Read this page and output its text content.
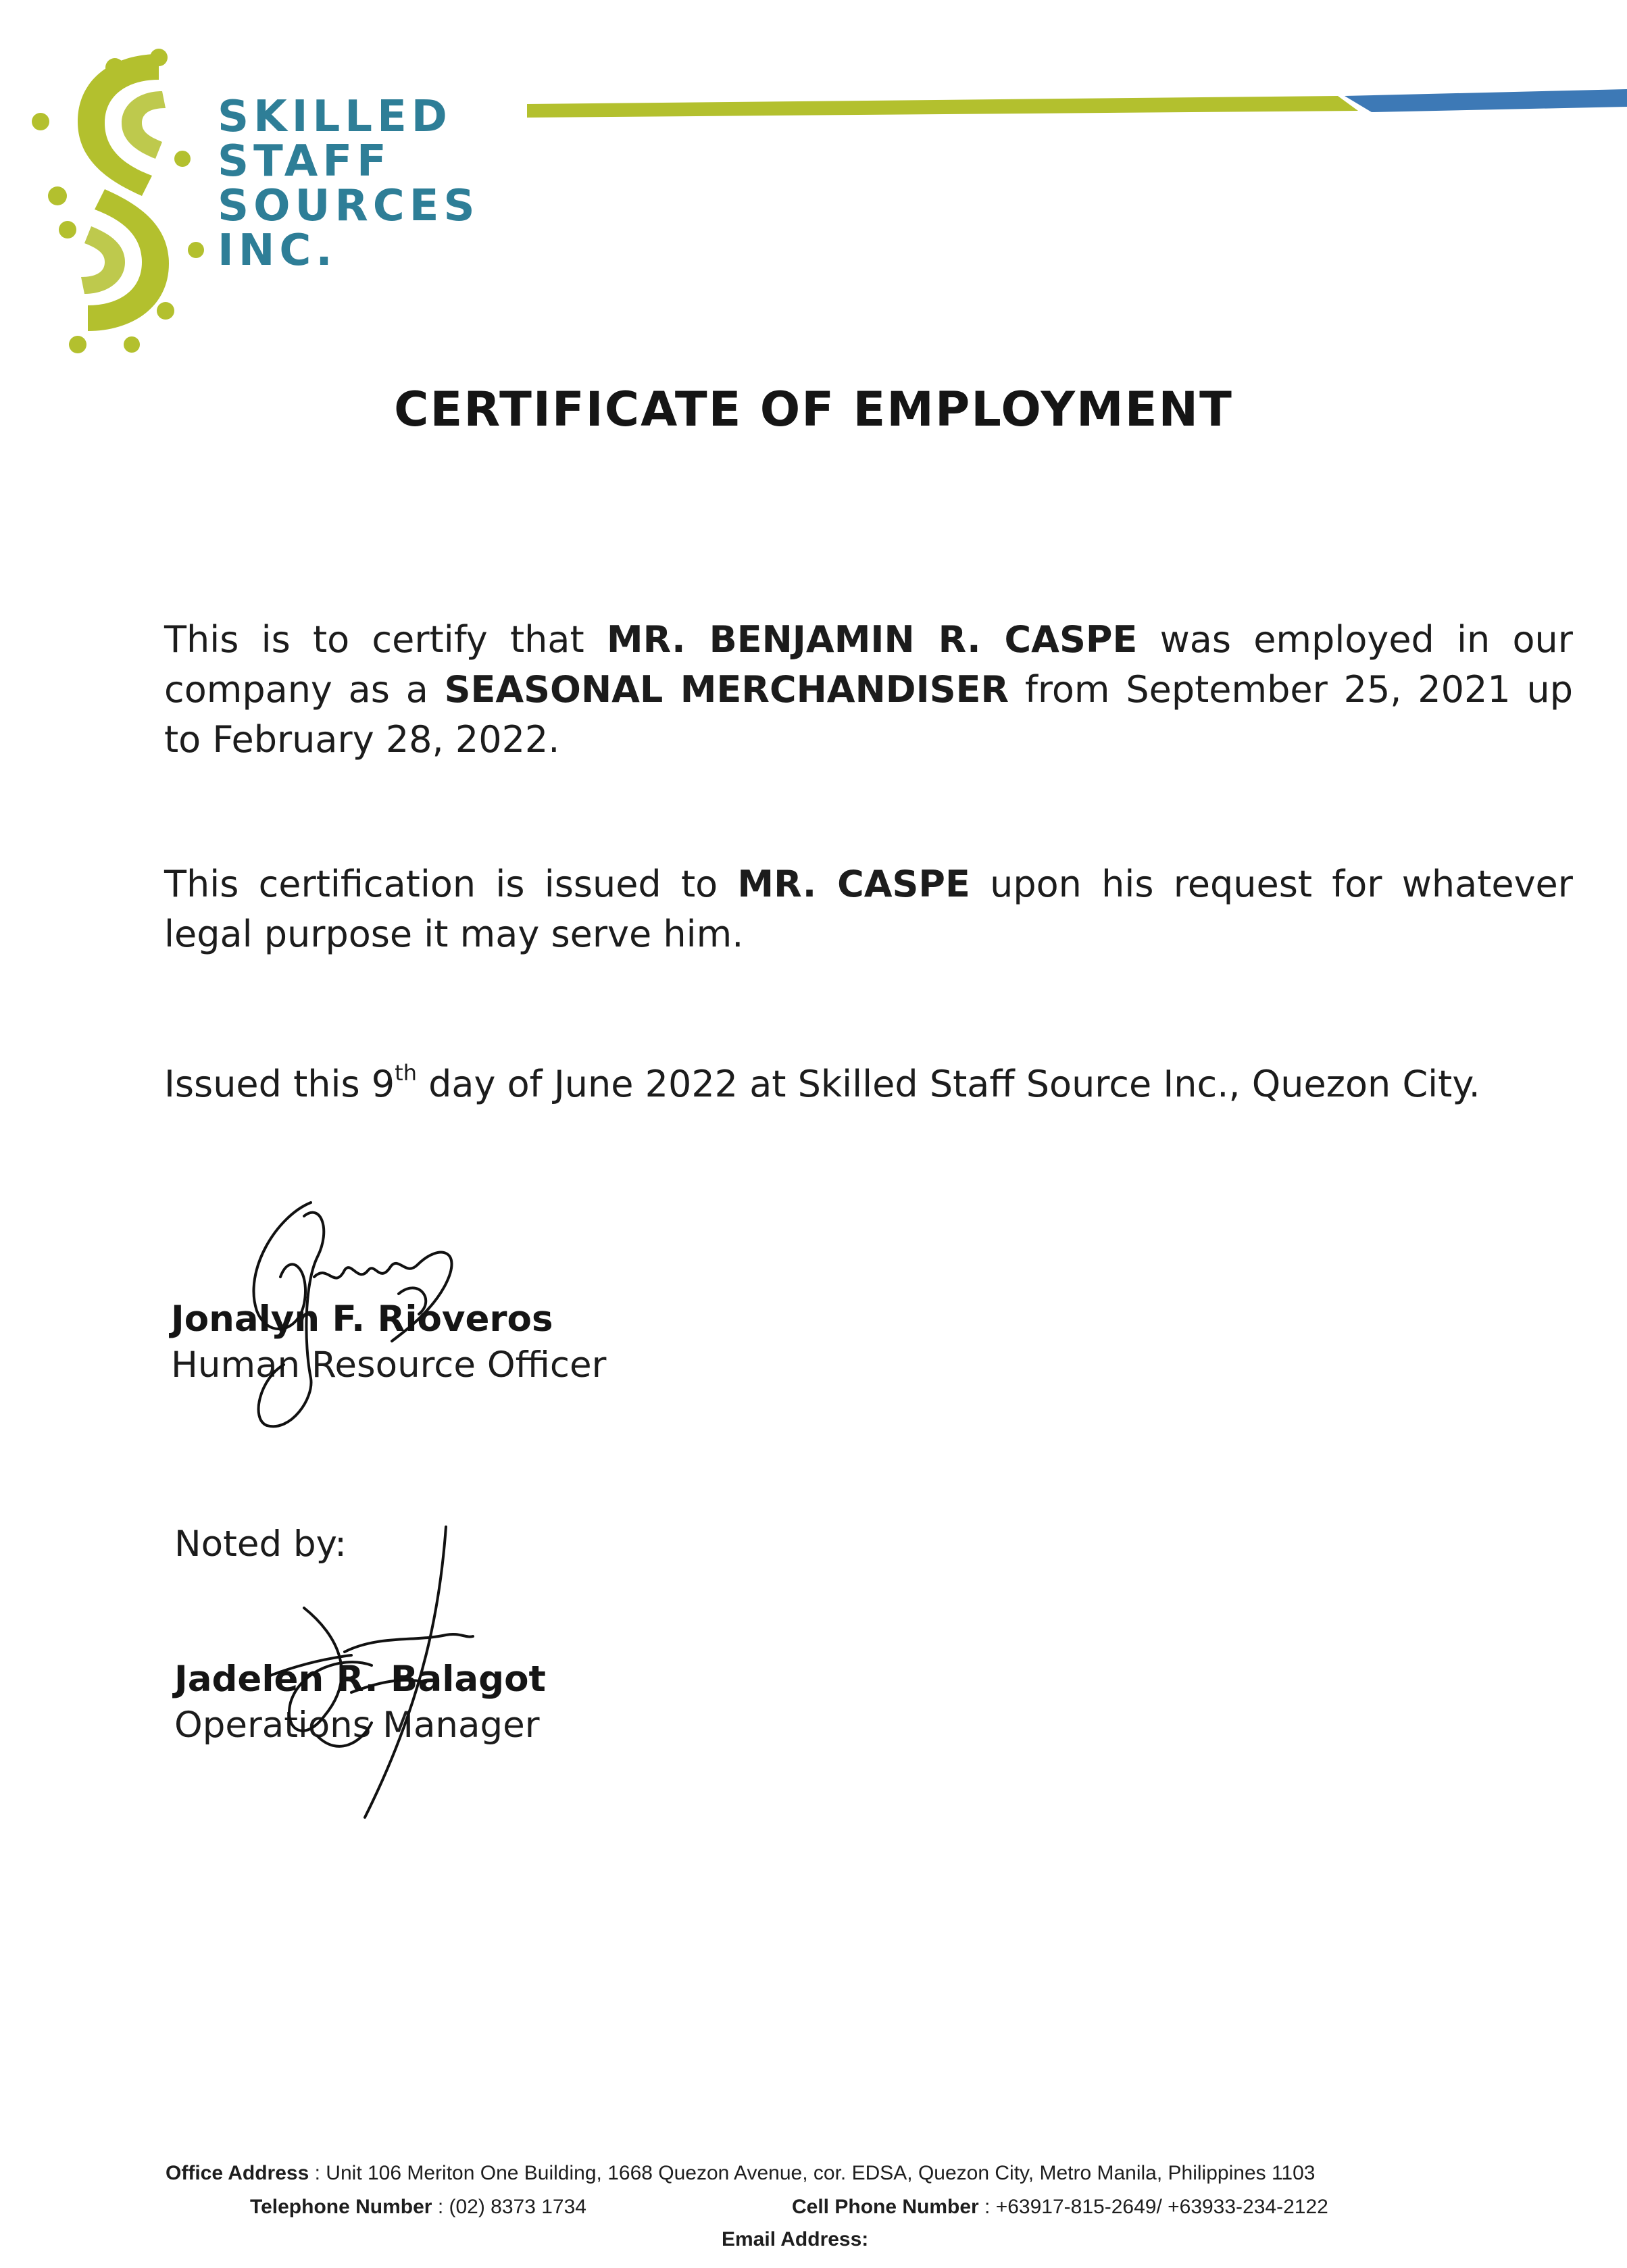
SKILLED
STAFF
SOURCES
INC.
CERTIFICATE OF EMPLOYMENT
This is to certify that MR. BENJAMIN R. CASPE was employed in our company as a SEASONAL MERCHANDISER from September 25, 2021 up to February 28, 2022.
This certification is issued to MR. CASPE upon his request for whatever legal purpose it may serve him.
Issued this 9th day of June 2022 at Skilled Staff Source Inc., Quezon City.
Jonalyn F. Rioveros
Human Resource Officer
Noted by:
Jadelen R. Balagot
Operations Manager
Office Address : Unit 106 Meriton One Building, 1668 Quezon Avenue, cor. EDSA, Quezon City, Metro Manila, Philippines 1103
Telephone Number : (02) 8373 1734	Cell Phone Number : +63917-815-2649/ +63933-234-2122
Email Address:
